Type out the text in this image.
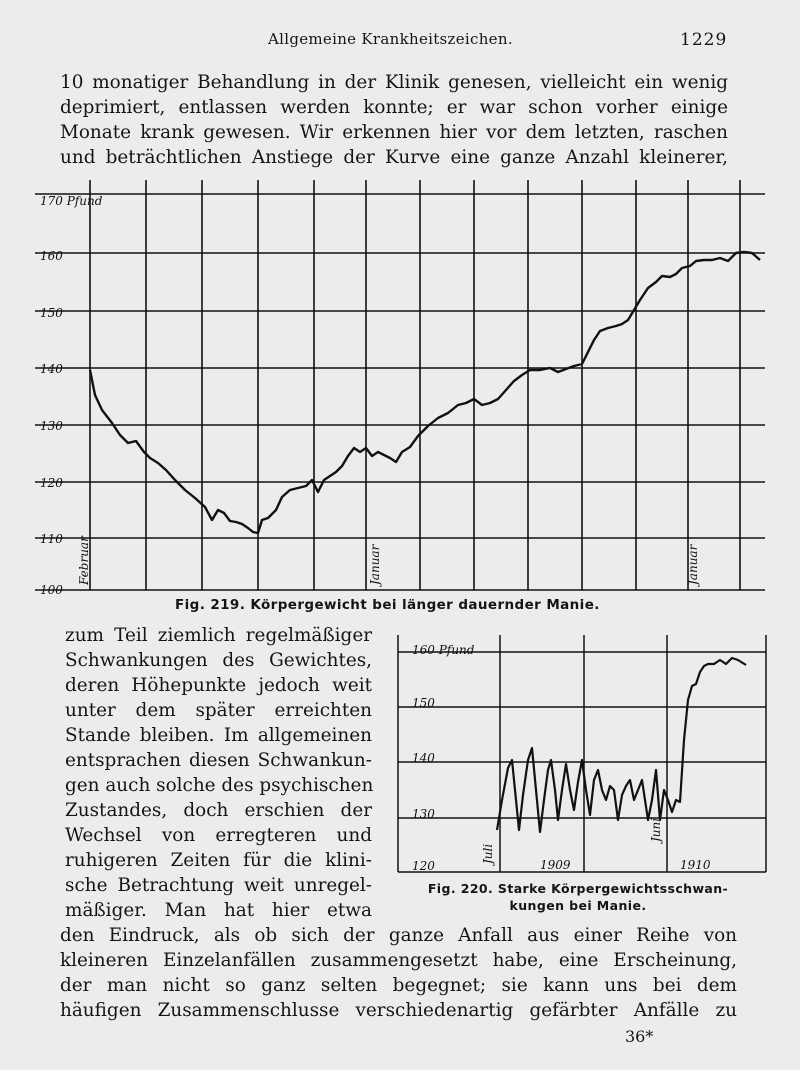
Allgemeine Krankheitszeichen.	1229

10 monatiger Behandlung in der Klinik genesen, vielleicht ein wenig
deprimiert, entlassen werden konnte; er war schon vorher einige
Monate krank gewesen. Wir erkennen hier vor dem letzten, raschen
und beträchtlichen Anstiege der Kurve eine ganze Anzahl kleinerer,

170 Pfund
160
150
140
130
120
110
100
Februar	Januar	Januar
160 Pfund
150
140
130
120
Juli
Juni
1909	1910
Fig. 219. Körpergewicht bei länger dauernder Manie.

zum Teil ziemlich regelmäßiger
Schwankungen des Gewichtes,
deren Höhepunkte jedoch weit
unter dem später erreichten
Stande bleiben. Im allgemeinen
entsprachen diesen Schwankun-
gen auch solche des psychischen
Zustandes, doch erschien der
Wechsel von erregteren und
ruhigeren Zeiten für die klini-
sche Betrachtung weit unregel-
mäßiger. Man hat hier etwa

Fig. 220. Starke Körpergewichtsschwan-
kungen bei Manie.

den Eindruck, als ob sich der ganze Anfall aus einer Reihe von
kleineren Einzelanfällen zusammengesetzt habe, eine Erscheinung,
der man nicht so ganz selten begegnet; sie kann uns bei dem
häufigen Zusammenschlusse verschiedenartig gefärbter Anfälle zu

36*
